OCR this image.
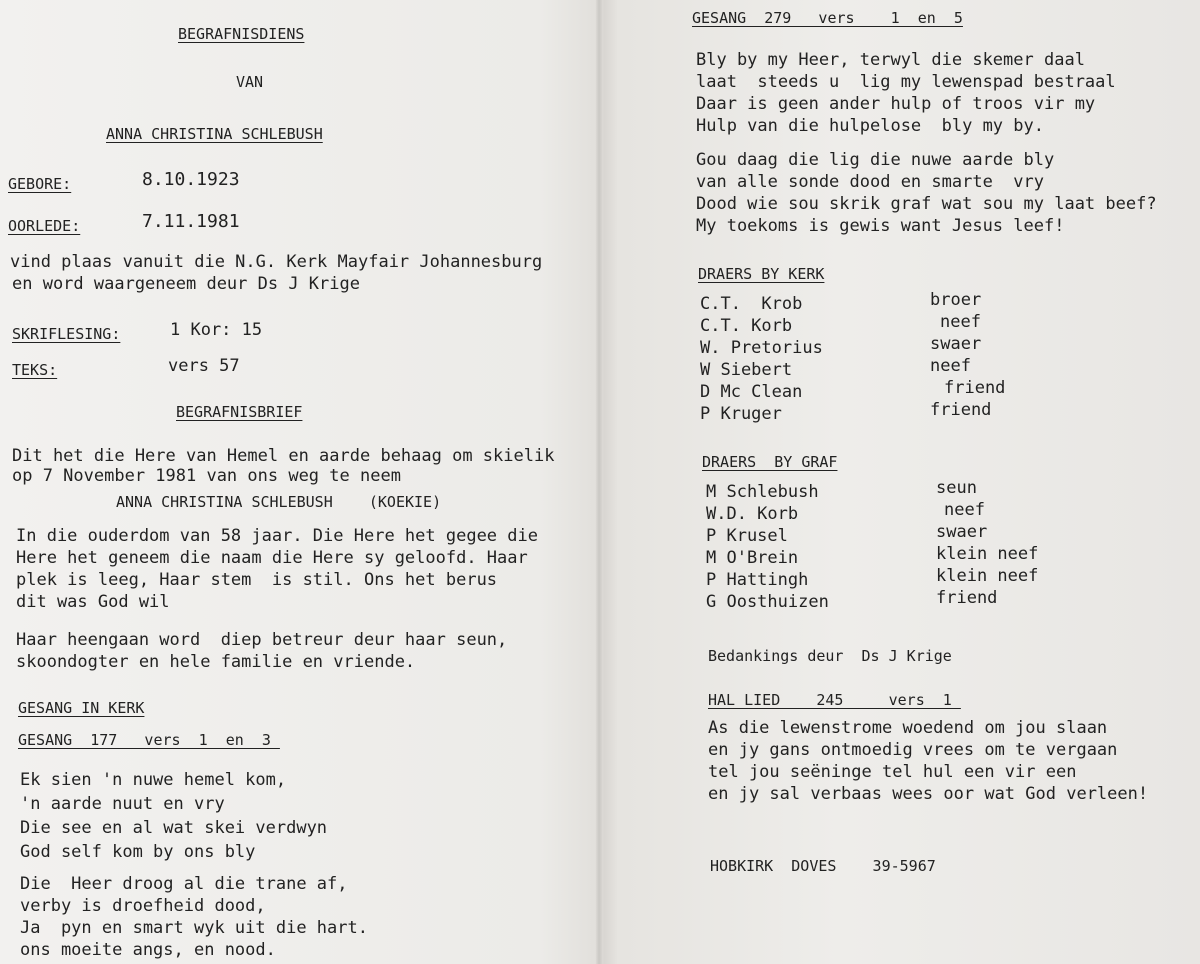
BEGRAFNISDIENS
VAN
ANNA CHRISTINA SCHLEBUSH
GEBORE:	8.10.1923
OORLEDE:	7.11.1981
vind plaas vanuit die N.G. Kerk Mayfair Johannesburg
en word waargeneem deur Ds J Krige
SKRIFLESING:	1 Kor: 15
TEKS:	vers 57
BEGRAFNISBRIEF
Dit het die Here van Hemel en aarde behaag om skielik
op 7 November 1981 van ons weg te neem
ANNA CHRISTINA SCHLEBUSH    (KOEKIE)
In die ouderdom van 58 jaar. Die Here het gegee die
Here het geneem die naam die Here sy geloofd. Haar
plek is leeg, Haar stem  is stil. Ons het berus
dit was God wil
Haar heengaan word  diep betreur deur haar seun,
skoondogter en hele familie en vriende.
GESANG IN KERK
GESANG  177   vers  1  en  3
Ek sien 'n nuwe hemel kom,
'n aarde nuut en vry
Die see en al wat skei verdwyn
God self kom by ons bly
Die  Heer droog al die trane af,
verby is droefheid dood,
Ja  pyn en smart wyk uit die hart.
ons moeite angs, en nood.
GESANG  279   vers    1  en  5
Bly by my Heer, terwyl die skemer daal
laat  steeds u  lig my lewenspad bestraal
Daar is geen ander hulp of troos vir my
Hulp van die hulpelose  bly my by.
Gou daag die lig die nuwe aarde bly
van alle sonde dood en smarte  vry
Dood wie sou skrik graf wat sou my laat beef?
My toekoms is gewis want Jesus leef!
DRAERS BY KERK
C.T.  Krob	broer
C.T. Korb	neef
W. Pretorius	swaer
W Siebert	neef
D Mc Clean	friend
P Kruger	friend
DRAERS  BY GRAF
M Schlebush	seun
W.D. Korb	neef
P Krusel	swaer
M O'Brein	klein neef
P Hattingh	klein neef
G Oosthuizen	friend
Bedankings deur  Ds J Krige
HAL LIED    245     vers  1
As die lewenstrome woedend om jou slaan
en jy gans ontmoedig vrees om te vergaan
tel jou seëninge tel hul een vir een
en jy sal verbaas wees oor wat God verleen!
HOBKIRK  DOVES    39-5967
